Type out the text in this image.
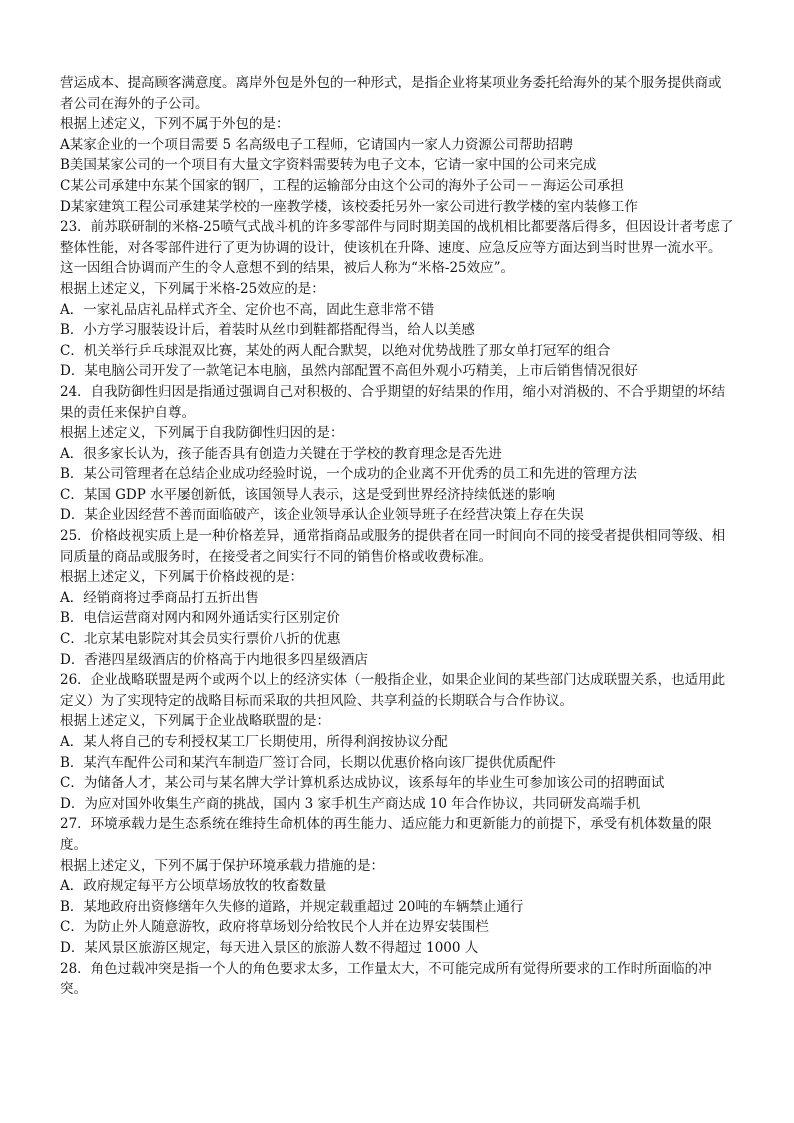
营运成本、提高顾客满意度。离岸外包是外包的一种形式，是指企业将某项业务委托给海外的某个服务提供商或者公司在海外的子公司。

根据上述定义，下列不属于外包的是：

A某家企业的一个项目需要 5 名高级电子工程师，它请国内一家人力资源公司帮助招聘

B美国某家公司的一个项目有大量文字资料需要转为电子文本，它请一家中国的公司来完成

C某公司承建中东某个国家的钢厂，工程的运输部分由这个公司的海外子公司－－海运公司承担

D某家建筑工程公司承建某学校的一座教学楼，该校委托另外一家公司进行教学楼的室内装修工作

23．前苏联研制的米格-25喷气式战斗机的许多零部件与同时期美国的战机相比都要落后得多，但因设计者考虑了整体性能，对各零部件进行了更为协调的设计，使该机在升降、速度、应急反应等方面达到当时世界一流水平。这一因组合协调而产生的令人意想不到的结果，被后人称为“米格-25效应”。

根据上述定义，下列属于米格-25效应的是：

A．一家礼品店礼品样式齐全、定价也不高，固此生意非常不错

B．小方学习服装设计后，着装时从丝巾到鞋都搭配得当，给人以美感

C．机关举行乒乓球混双比赛，某处的两人配合默契，以绝对优势战胜了那女单打冠军的组合

D．某电脑公司开发了一款笔记本电脑，虽然内部配置不高但外观小巧精美，上市后销售情况很好

24．自我防御性归因是指通过强调自己对积极的、合乎期望的好结果的作用，缩小对消极的、不合乎期望的坏结果的责任来保护自尊。

根据上述定义，下列属于自我防御性归因的是：

A．很多家长认为，孩子能否具有创造力关键在于学校的教育理念是否先进

B．某公司管理者在总结企业成功经验时说，一个成功的企业离不开优秀的员工和先进的管理方法

C．某国 GDP 水平屡创新低，该国领导人表示，这是受到世界经济持续低迷的影响

D．某企业因经营不善而面临破产，该企业领导承认企业领导班子在经营决策上存在失误

25．价格歧视实质上是一种价格差异，通常指商品或服务的提供者在同一时间向不同的接受者提供相同等级、相同质量的商品或服务时，在接受者之间实行不同的销售价格或收费标准。

根据上述定义，下列属于价格歧视的是：

A．经销商将过季商品打五折出售

B．电信运营商对网内和网外通话实行区别定价

C．北京某电影院对其会员实行票价八折的优惠

D．香港四星级酒店的价格高于内地很多四星级酒店

26．企业战略联盟是两个或两个以上的经济实体（一般指企业，如果企业间的某些部门达成联盟关系，也适用此定义）为了实现特定的战略目标而采取的共担风险、共享利益的长期联合与合作协议。

根据上述定义，下列属于企业战略联盟的是：

A．某人将自己的专利授权某工厂长期使用，所得利润按协议分配

B．某汽车配件公司和某汽车制造厂签订合同，长期以优惠价格向该厂提供优质配件

C．为储备人才，某公司与某名牌大学计算机系达成协议，该系每年的毕业生可参加该公司的招聘面试

D．为应对国外收集生产商的挑战，国内 3 家手机生产商达成 10 年合作协议，共同研发高端手机

27．环境承载力是生态系统在维持生命机体的再生能力、适应能力和更新能力的前提下，承受有机体数量的限度。

根据上述定义，下列不属于保护环境承载力措施的是：

A．政府规定每平方公顷草场放牧的牧畜数量

B．某地政府出资修缮年久失修的道路，并规定载重超过 20吨的车辆禁止通行

C．为防止外人随意游牧，政府将草场划分给牧民个人并在边界安装围栏

D．某风景区旅游区规定，每天进入景区的旅游人数不得超过 1000 人

28．角色过载冲突是指一个人的角色要求太多，工作量太大，不可能完成所有觉得所要求的工作时所面临的冲突。
